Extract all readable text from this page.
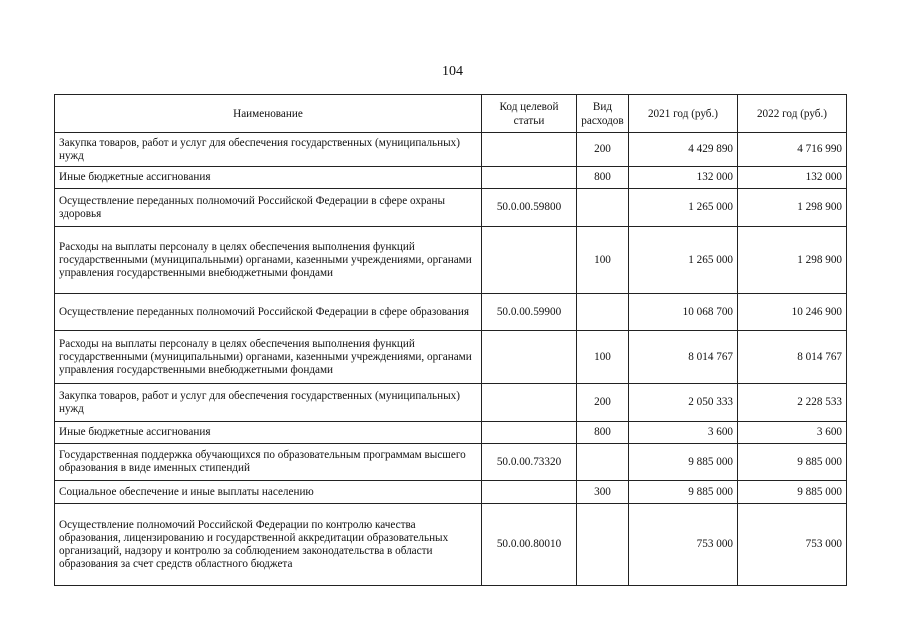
104
Наименование	Код целевой статьи	Вид расходов	2021 год (руб.)	2022 год (руб.)
Закупка товаров, работ и услуг для обеспечения государственных (муниципальных) нужд		200	4 429 890	4 716 990
Иные бюджетные ассигнования		800	132 000	132 000
Осуществление переданных полномочий Российской Федерации в сфере охраны здоровья	50.0.00.59800		1 265 000	1 298 900
Расходы на выплаты персоналу в целях обеспечения выполнения функций государственными (муниципальными) органами, казенными учреждениями, органами управления государственными внебюджетными фондами		100	1 265 000	1 298 900
Осуществление переданных полномочий Российской Федерации в сфере образования	50.0.00.59900		10 068 700	10 246 900
Расходы на выплаты персоналу в целях обеспечения выполнения функций государственными (муниципальными) органами, казенными учреждениями, органами управления государственными внебюджетными фондами		100	8 014 767	8 014 767
Закупка товаров, работ и услуг для обеспечения государственных (муниципальных) нужд		200	2 050 333	2 228 533
Иные бюджетные ассигнования		800	3 600	3 600
Государственная поддержка обучающихся по образовательным программам высшего образования в виде именных стипендий	50.0.00.73320		9 885 000	9 885 000
Социальное обеспечение и иные выплаты населению		300	9 885 000	9 885 000
Осуществление полномочий Российской Федерации по контролю качества образования, лицензированию и государственной аккредитации образовательных организаций, надзору и контролю за соблюдением законодательства в области образования за счет средств областного бюджета	50.0.00.80010		753 000	753 000
